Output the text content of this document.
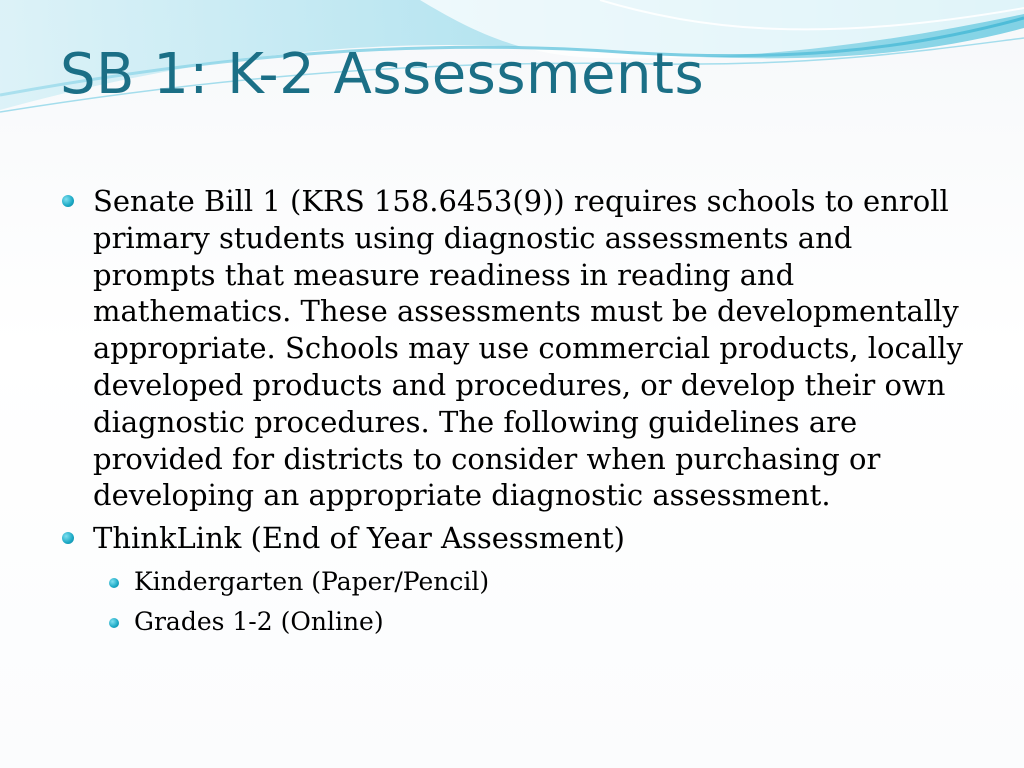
SB 1: K-2 Assessments
Senate Bill 1 (KRS 158.6453(9)) requires schools to enroll primary students using diagnostic assessments and prompts that measure readiness in reading and mathematics. These assessments must be developmentally appropriate. Schools may use commercial products, locally developed products and procedures, or develop their own diagnostic procedures. The following guidelines are provided for districts to consider when purchasing or developing an appropriate diagnostic assessment.
ThinkLink (End of Year Assessment)
Kindergarten (Paper/Pencil)
Grades 1-2 (Online)
